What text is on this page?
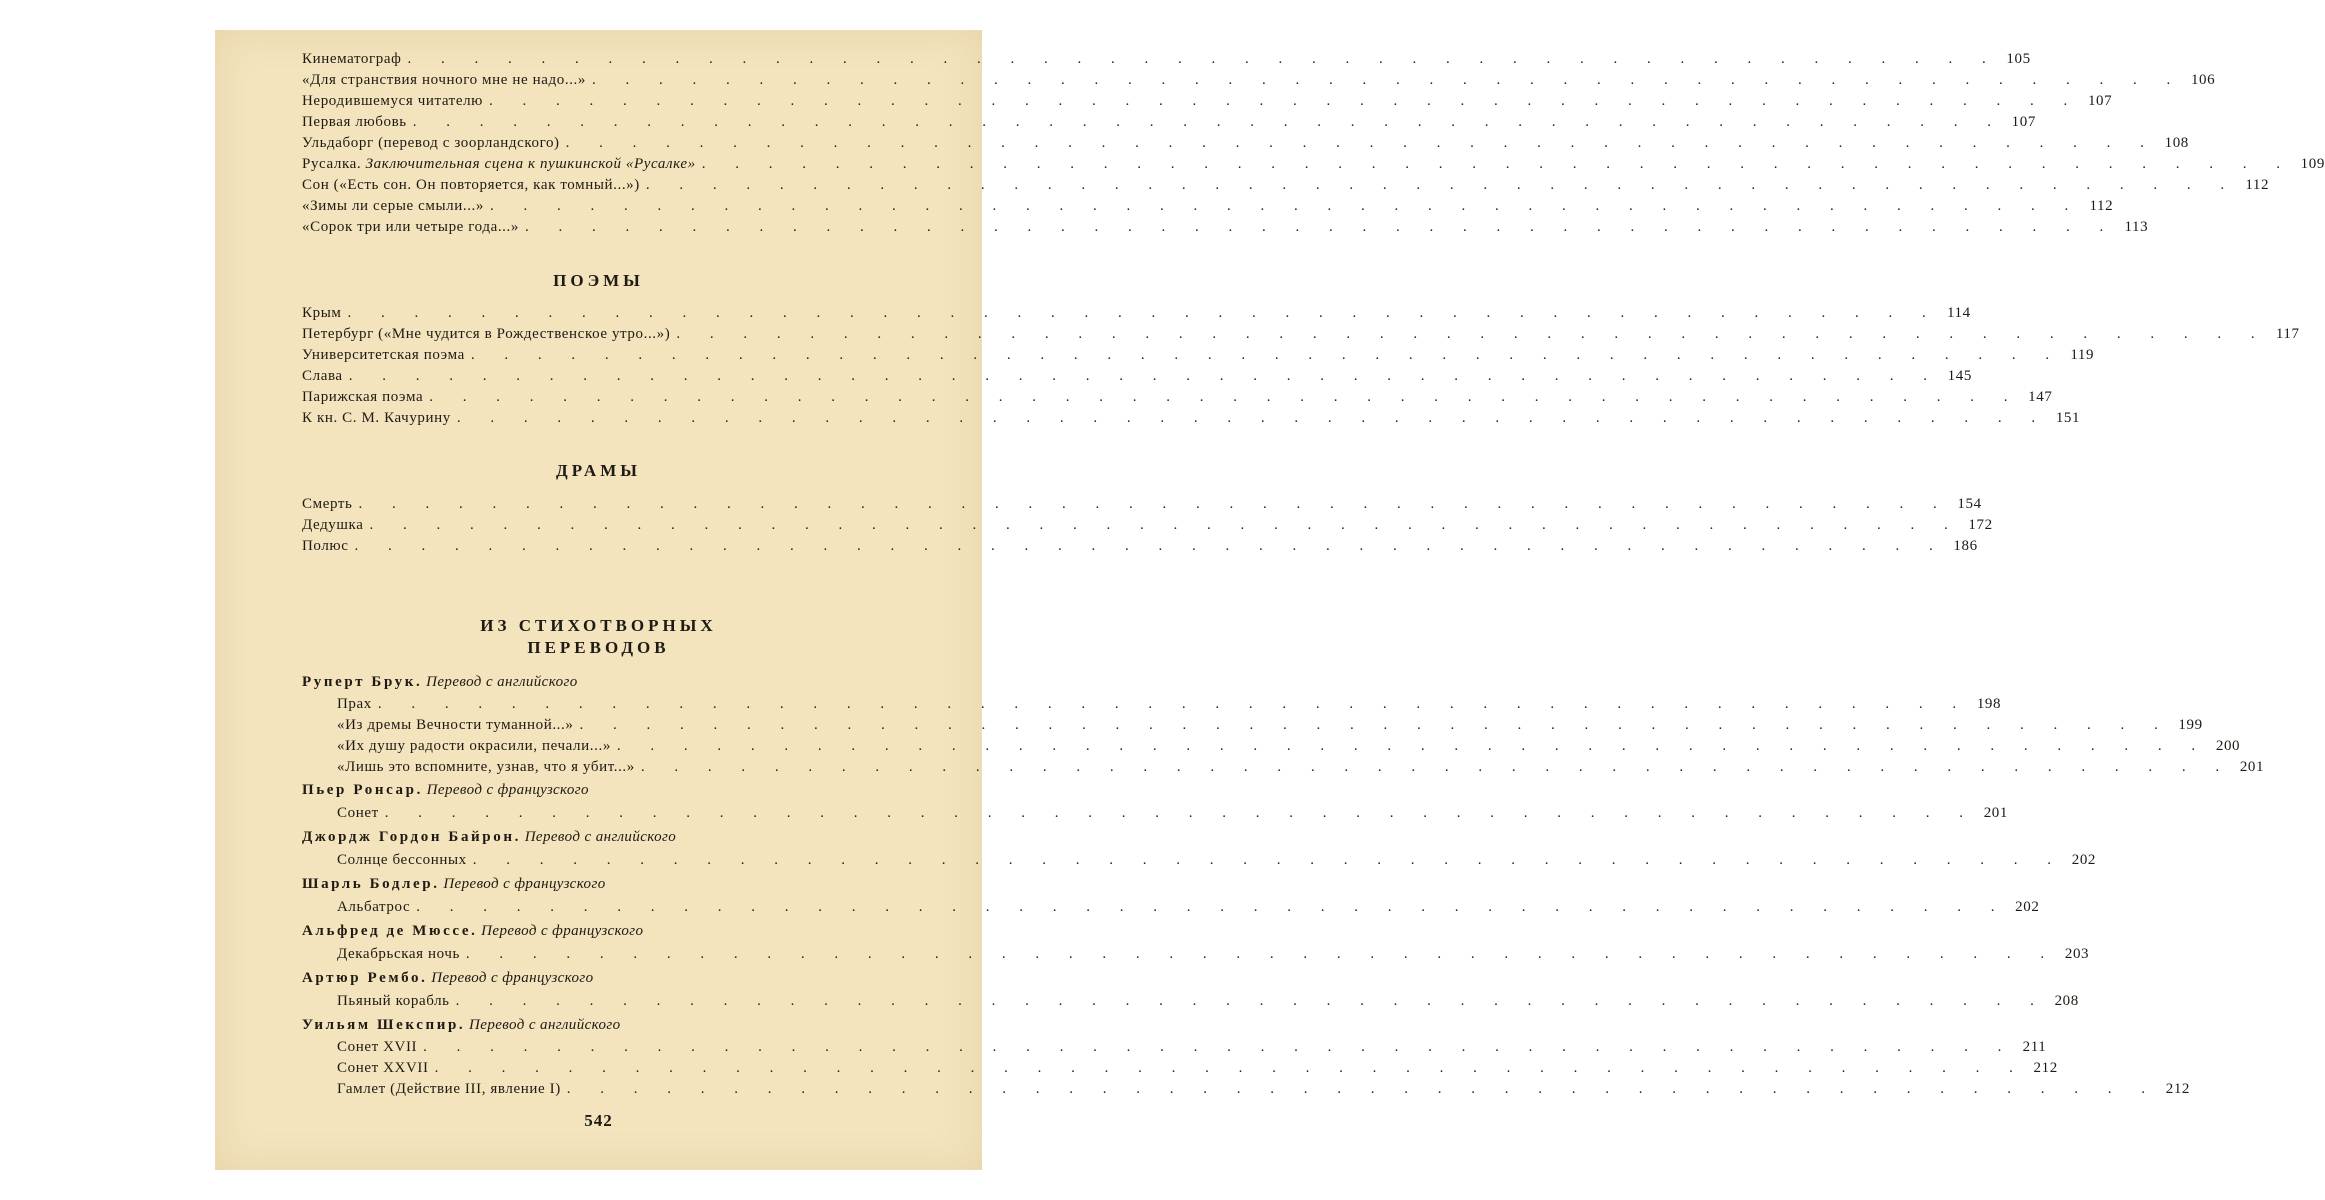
Кинематограф . . . . . . . . . . . . . . . . . . . . . . . . . . . . . . . . . . . . . . . . . . . . . . . . 105
«Для странствия ночного мне не надо...» . . . . . . . . . . . . . . . . . . . . . . . . . . . . . . . . . . . . . . . . . . . . . . . . 106
Неродившемуся читателю . . . . . . . . . . . . . . . . . . . . . . . . . . . . . . . . . . . . . . . . . . . . . . . . 107
Первая любовь . . . . . . . . . . . . . . . . . . . . . . . . . . . . . . . . . . . . . . . . . . . . . . . . 107
Ульдаборг (перевод с зоорландского) . . . . . . . . . . . . . . . . . . . . . . . . . . . . . . . . . . . . . . . . . . . . . . . . 108
Русалка. Заключительная сцена к пушкинской «Русалке» . . . . . . . . . . . . . . . . . . . . . . . . . . . . . . . . . . . . . . . . . . . . . . . . 109
Сон («Есть сон. Он повторяется, как томный...») . . . . . . . . . . . . . . . . . . . . . . . . . . . . . . . . . . . . . . . . . . . . . . . . 112
«Зимы ли серые смыли...» . . . . . . . . . . . . . . . . . . . . . . . . . . . . . . . . . . . . . . . . . . . . . . . . 112
«Сорок три или четыре года...» . . . . . . . . . . . . . . . . . . . . . . . . . . . . . . . . . . . . . . . . . . . . . . . . 113
ПОЭМЫ
Крым . . . . . . . . . . . . . . . . . . . . . . . . . . . . . . . . . . . . . . . . . . . . . . . . 114
Петербург («Мне чудится в Рождественское утро...») . . . . . . . . . . . . . . . . . . . . . . . . . . . . . . . . . . . . . . . . . . . . . . . . 117
Университетская поэма . . . . . . . . . . . . . . . . . . . . . . . . . . . . . . . . . . . . . . . . . . . . . . . . 119
Слава . . . . . . . . . . . . . . . . . . . . . . . . . . . . . . . . . . . . . . . . . . . . . . . . 145
Парижская поэма . . . . . . . . . . . . . . . . . . . . . . . . . . . . . . . . . . . . . . . . . . . . . . . . 147
К кн. С. М. Качурину . . . . . . . . . . . . . . . . . . . . . . . . . . . . . . . . . . . . . . . . . . . . . . . . 151
ДРАМЫ
Смерть . . . . . . . . . . . . . . . . . . . . . . . . . . . . . . . . . . . . . . . . . . . . . . . . 154
Дедушка . . . . . . . . . . . . . . . . . . . . . . . . . . . . . . . . . . . . . . . . . . . . . . . . 172
Полюс . . . . . . . . . . . . . . . . . . . . . . . . . . . . . . . . . . . . . . . . . . . . . . . . 186
ИЗ СТИХОТВОРНЫХ
ПЕРЕВОДОВ
Руперт Брук. Перевод с английского
Прах . . . . . . . . . . . . . . . . . . . . . . . . . . . . . . . . . . . . . . . . . . . . . . . . 198
«Из дремы Вечности туманной...» . . . . . . . . . . . . . . . . . . . . . . . . . . . . . . . . . . . . . . . . . . . . . . . . 199
«Их душу радости окрасили, печали...» . . . . . . . . . . . . . . . . . . . . . . . . . . . . . . . . . . . . . . . . . . . . . . . . 200
«Лишь это вспомните, узнав, что я убит...» . . . . . . . . . . . . . . . . . . . . . . . . . . . . . . . . . . . . . . . . . . . . . . . . 201
Пьер Ронсар. Перевод с французского
Сонет . . . . . . . . . . . . . . . . . . . . . . . . . . . . . . . . . . . . . . . . . . . . . . . . 201
Джордж Гордон Байрон. Перевод с английского
Солнце бессонных . . . . . . . . . . . . . . . . . . . . . . . . . . . . . . . . . . . . . . . . . . . . . . . . 202
Шарль Бодлер. Перевод с французского
Альбатрос . . . . . . . . . . . . . . . . . . . . . . . . . . . . . . . . . . . . . . . . . . . . . . . . 202
Альфред де Мюссе. Перевод с французского
Декабрьская ночь . . . . . . . . . . . . . . . . . . . . . . . . . . . . . . . . . . . . . . . . . . . . . . . . 203
Артюр Рембо. Перевод с французского
Пьяный корабль . . . . . . . . . . . . . . . . . . . . . . . . . . . . . . . . . . . . . . . . . . . . . . . . 208
Уильям Шекспир. Перевод с английского
Сонет XVII . . . . . . . . . . . . . . . . . . . . . . . . . . . . . . . . . . . . . . . . . . . . . . . . 211
Сонет XXVII . . . . . . . . . . . . . . . . . . . . . . . . . . . . . . . . . . . . . . . . . . . . . . . . 212
Гамлет (Действие III, явление I) . . . . . . . . . . . . . . . . . . . . . . . . . . . . . . . . . . . . . . . . . . . . . . . . 212
542
